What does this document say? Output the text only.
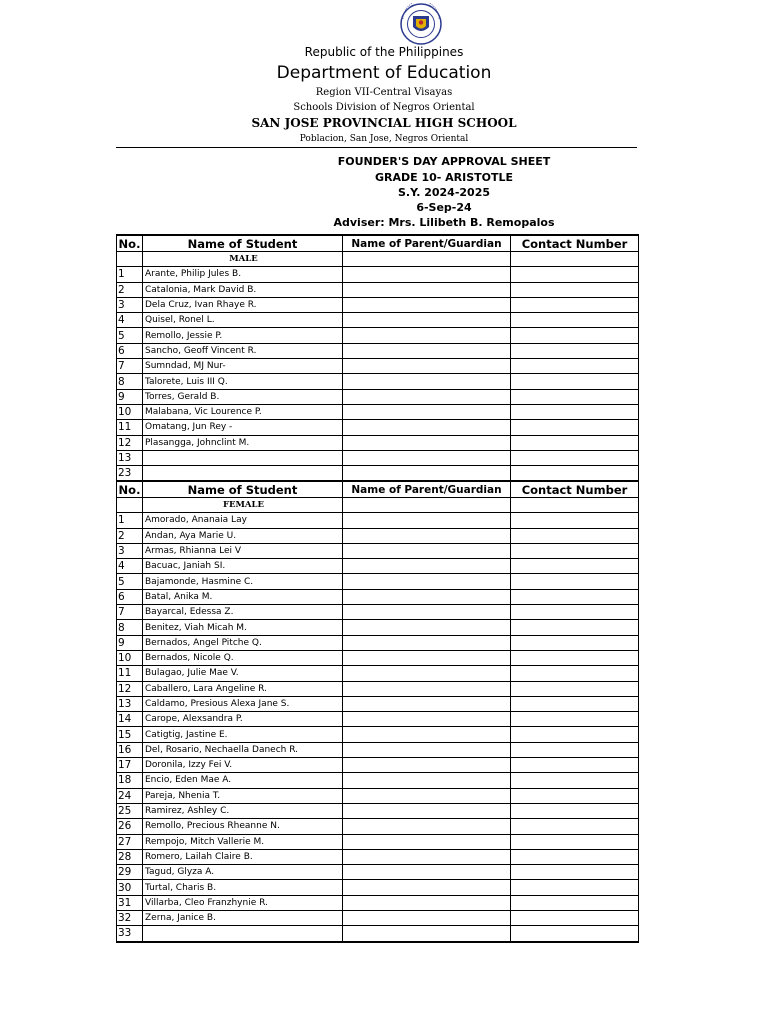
Republic of the Philippines
Department of Education
Region VII-Central Visayas
Schools Division of Negros Oriental
SAN JOSE PROVINCIAL HIGH SCHOOL
Poblacion, San Jose, Negros Oriental
FOUNDER'S DAY APPROVAL SHEET
GRADE 10- ARISTOTLE
S.Y. 2024-2025
6-Sep-24
Adviser: Mrs. Lilibeth B. Remopalos
No.	Name of Student	Name of Parent/Guardian	Contact Number
	MALE		
1	Arante, Philip Jules B.		
2	Catalonia, Mark David B.		
3	Dela Cruz, Ivan Rhaye R.		
4	Quisel, Ronel L.		
5	Remollo, Jessie P.		
6	Sancho, Geoff Vincent R.		
7	Sumndad, MJ Nur-		
8	Talorete, Luis III Q.		
9	Torres, Gerald B.		
10	Malabana, Vic Lourence P.		
11	Omatang, Jun Rey -		
12	Plasangga, Johnclint M.		
13			
23			
No.	Name of Student	Name of Parent/Guardian	Contact Number
	FEMALE		
1	Amorado, Ananaia Lay		
2	Andan, Aya Marie U.		
3	Armas, Rhianna Lei V		
4	Bacuac, Janiah SI.		
5	Bajamonde, Hasmine C.		
6	Batal, Anika M.		
7	Bayarcal, Edessa Z.		
8	Benitez, Viah Micah M.		
9	Bernados, Angel Pitche Q.		
10	Bernados, Nicole Q.		
11	Bulagao, Julie Mae V.		
12	Caballero, Lara Angeline R.		
13	Caldamo, Presious Alexa Jane S.		
14	Carope, Alexsandra P.		
15	Catigtig, Jastine E.		
16	Del, Rosario, Nechaella Danech R.		
17	Doronila, Izzy Fei V.		
18	Encio, Eden Mae A.		
24	Pareja, Nhenia T.		
25	Ramirez, Ashley C.		
26	Remollo, Precious Rheanne N.		
27	Rempojo, Mitch Vallerie M.		
28	Romero, Lailah Claire B.		
29	Tagud, Glyza A.		
30	Turtal, Charis B.		
31	Villarba, Cleo Franzhynie R.		
32	Zerna, Janice B.		
33			
